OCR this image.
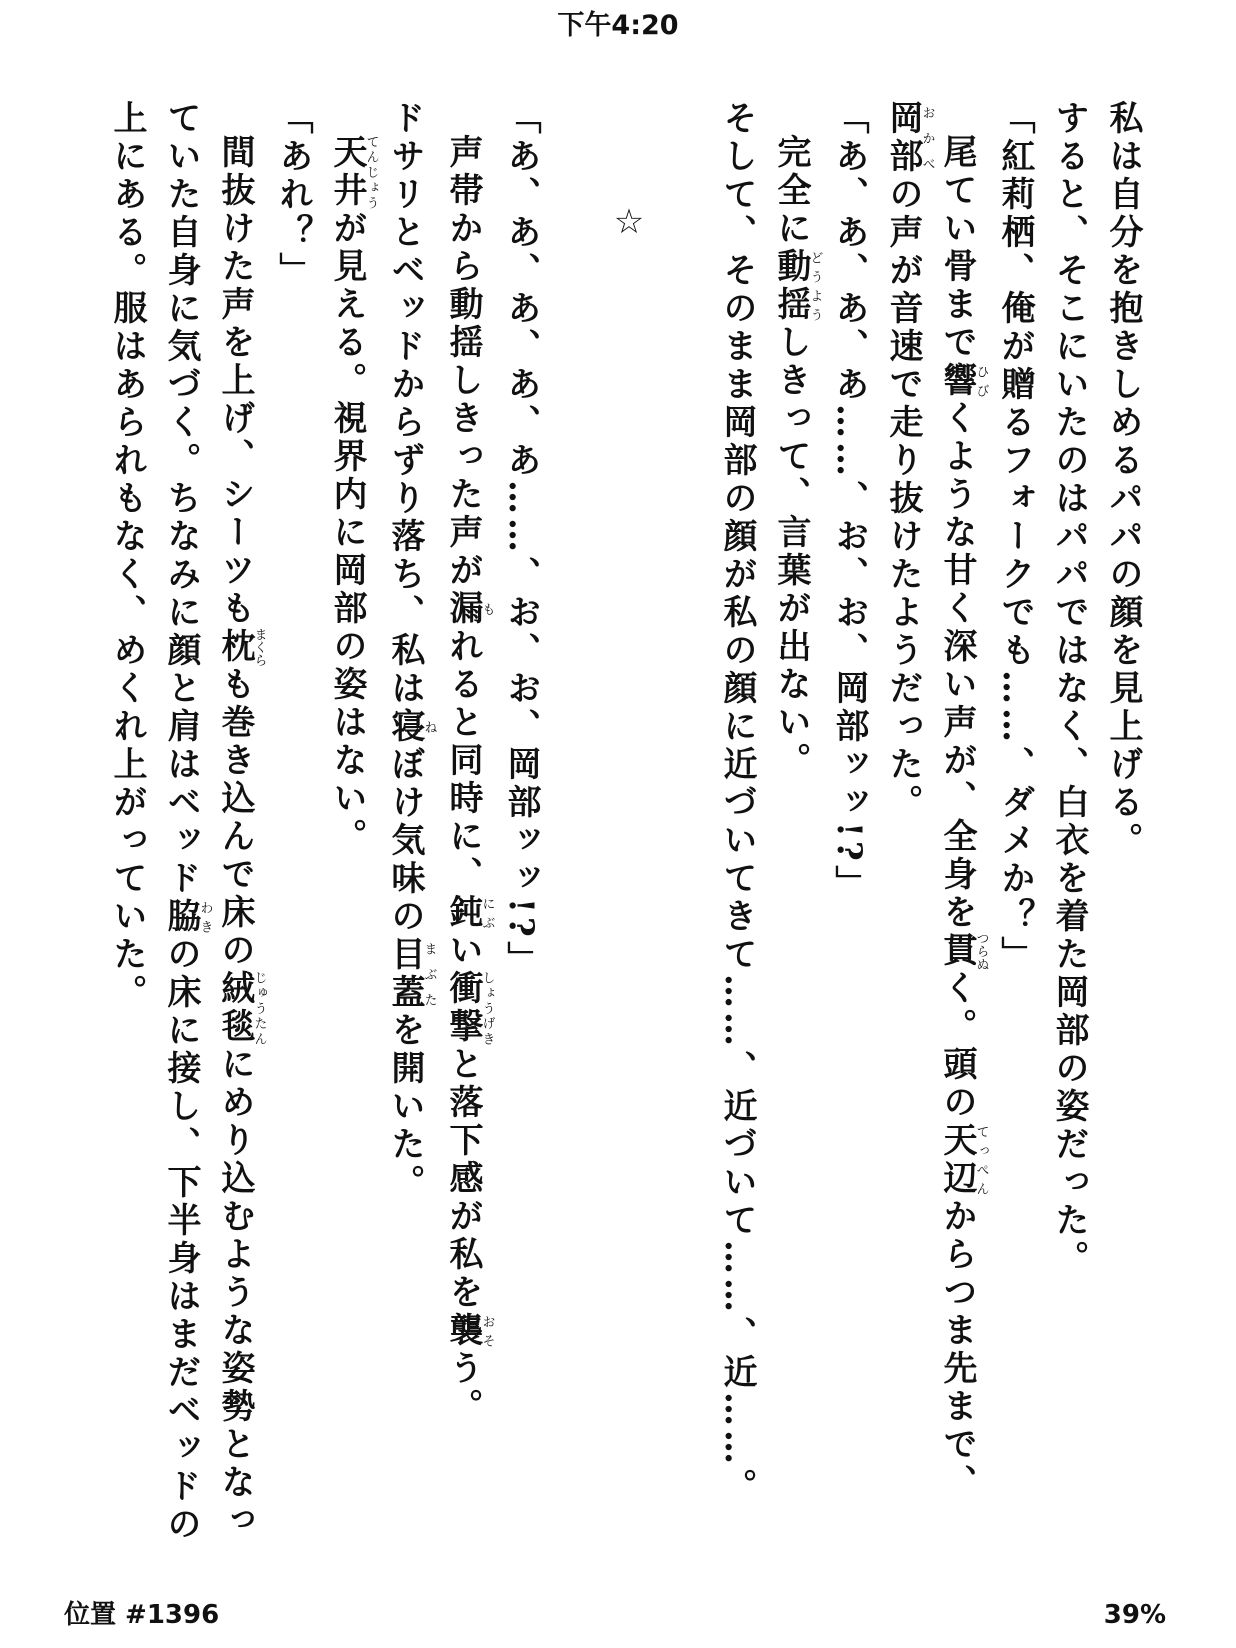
下午4:20

私は自分を抱きしめるパパの顔を見上げる。

すると、そこにいたのはパパではなく、白衣を着た岡部の姿だった。

「紅莉栖、俺が贈るフォークでも……、ダメか？」

尾てい骨まで響ひびくような甘く深い声が、全身を貫つらぬく。頭の天辺てっぺんからつま先まで、岡部おかべの声が音速で走り抜けたようだった。

「あ、あ、あ、あ……、お、お、岡部ッッ!?」

完全に動揺どうようしきって、言葉が出ない。

そして、そのまま岡部の顔が私の顔に近づいてきて……、近づいて……、近……。

☆

「あ、あ、あ、あ、あ……、お、お、岡部ッッ!?」

声帯から動揺しきった声が漏もれると同時に、鈍にぶい衝撃しょうげきと落下感が私を襲おそう。

ドサリとベッドからずり落ち、私は寝ねぼけ気味の目蓋まぶたを開いた。

天井てんじょうが見える。視界内に岡部の姿はない。

「あれ？」

間抜けた声を上げ、シーツも枕まくらも巻き込んで床の絨毯じゅうたんにめり込むような姿勢となっていた自身に気づく。ちなみに顔と肩はベッド脇わきの床に接し、下半身はまだベッドの上にある。服はあられもなく、めくれ上がっていた。

位置 #1396	39%
